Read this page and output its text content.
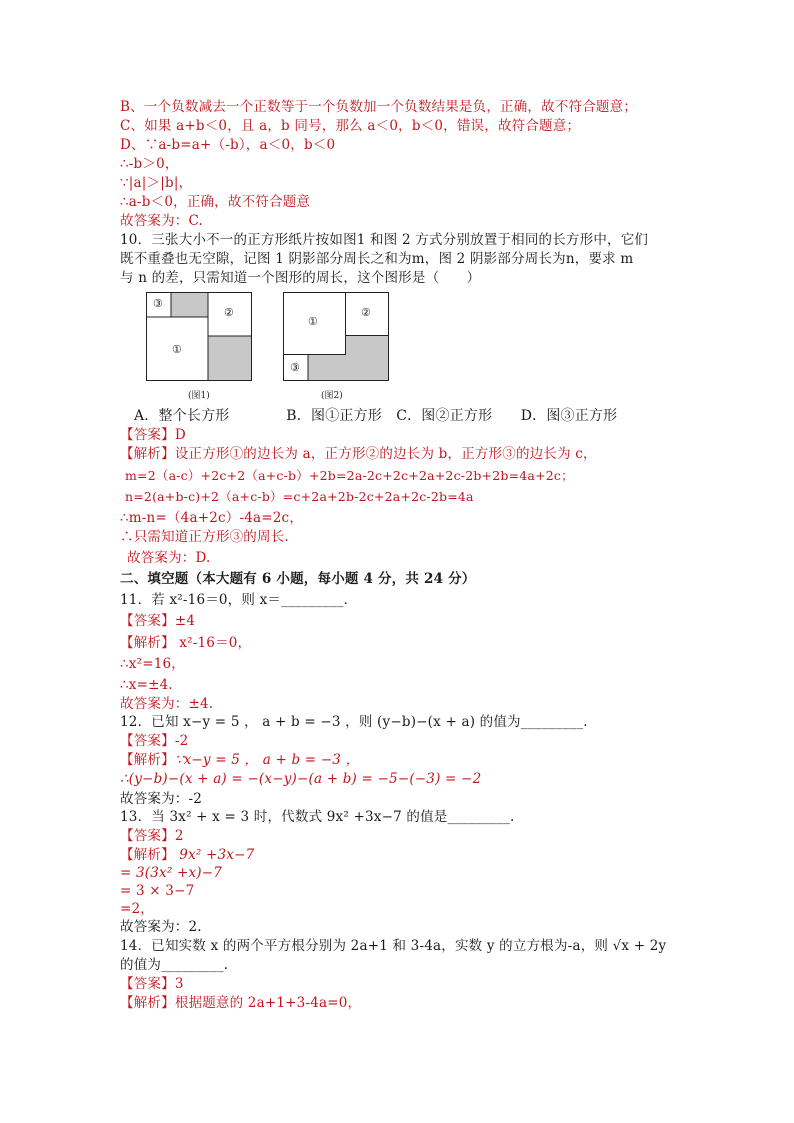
B、一个负数减去一个正数等于一个负数加一个负数结果是负，正确，故不符合题意；
C、如果 a+b＜0，且 a，b 同号，那么 a＜0，b＜0，错误，故符合题意；
D、∵a-b=a+（-b），a＜0，b＜0
∴-b＞0，
∵|a|＞|b|，
∴a-b＜0，正确，故不符合题意
故答案为：C.
10．三张大小不一的正方形纸片按如图1 和图 2 方式分别放置于相同的长方形中，它们
既不重叠也无空隙，记图 1 阴影部分周长之和为m，图 2 阴影部分周长为n，要求 m
与 n 的差，只需知道一个图形的周长，这个图形是（　　）
③
②
①
(图1)
①
②
③
(图2)
A．整个长方形　　　　B．图①正方形　C．图②正方形　　D．图③正方形
【答案】D
【解析】设正方形①的边长为 a，正方形②的边长为 b，正方形③的边长为 c，
m=2（a-c）+2c+2（a+c-b）+2b=2a-2c+2c+2a+2c-2b+2b=4a+2c；
n=2(a+b-c)+2（a+c-b）=c+2a+2b-2c+2a+2c-2b=4a
∴m-n=（4a+2c）-4a=2c，
∴只需知道正方形③的周长.
故答案为：D.
二、填空题（本大题有 6 小题，每小题 4 分，共 24 分）
11．若 x²-16＝0，则 x＝_________．
【答案】±4
【解析】 x²-16＝0，
∴x²=16，
∴x=±4.
故答案为：±4.
12．已知 x−y = 5 ， a + b = −3 ，则 (y−b)−(x + a) 的值为_________.
【答案】-2
【解析】∵x−y = 5 ， a + b = −3 ，
∴(y−b)−(x + a) = −(x−y)−(a + b) = −5−(−3) = −2
故答案为：-2
13．当 3x² + x = 3 时，代数式 9x² +3x−7 的值是_________.
【答案】2
【解析】 9x² +3x−7
= 3(3x² +x)−7
= 3 × 3−7
=2，
故答案为：2.
14．已知实数 x 的两个平方根分别为 2a+1 和 3-4a，实数 y 的立方根为-a，则 √x + 2y
的值为_________.
【答案】3
【解析】根据题意的 2a+1+3-4a=0，
